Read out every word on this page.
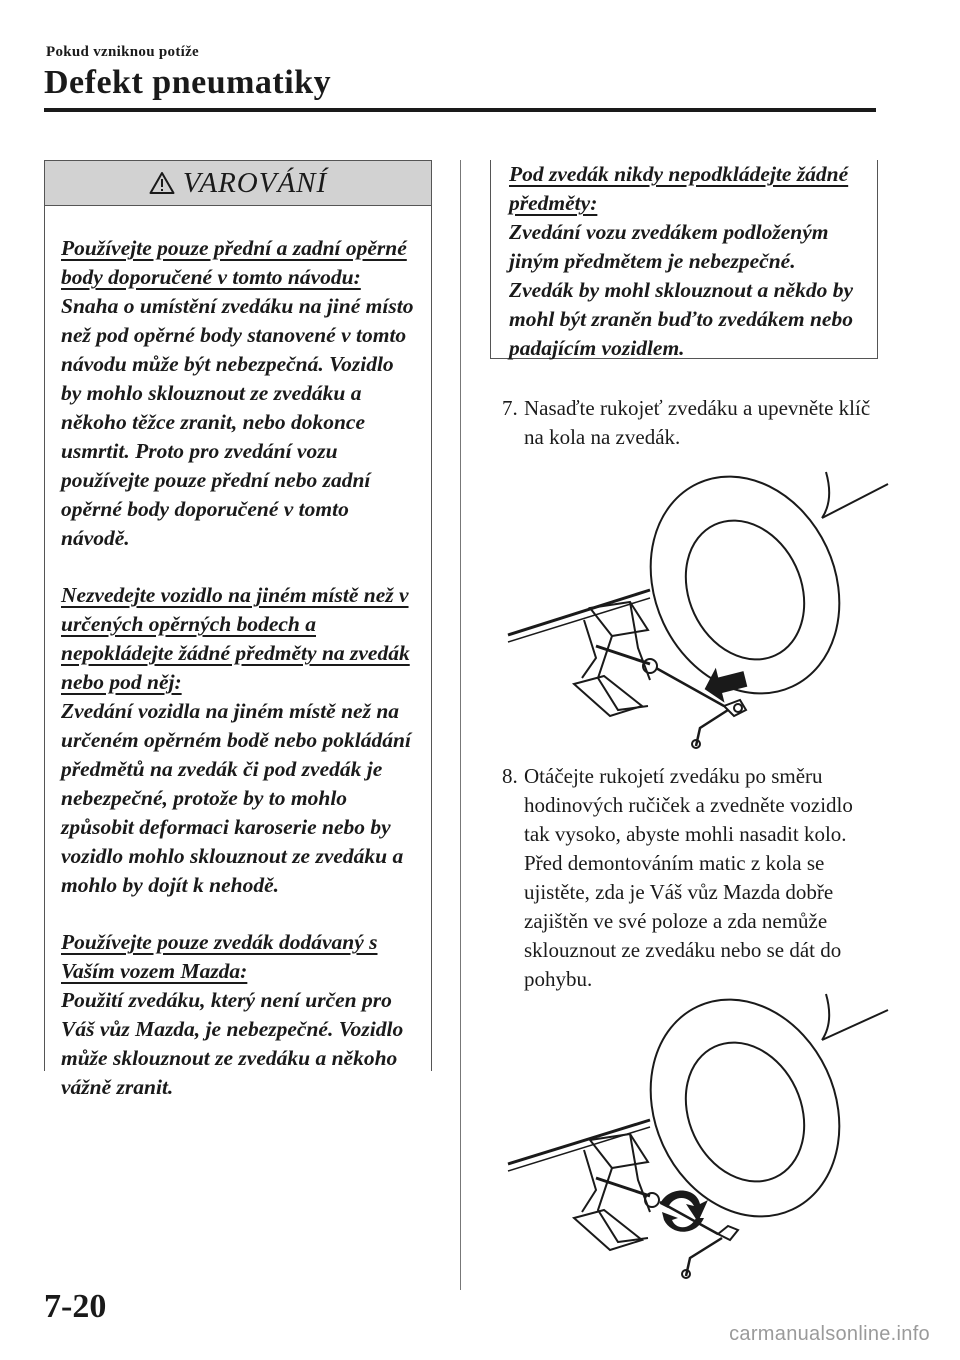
Pokud vzniknou potíže
Defekt pneumatiky
VAROVÁNÍ

Používejte pouze přední a zadní opěrné body doporučené v tomto návodu:
Snaha o umístění zvedáku na jiné místo než pod opěrné body stanovené v tomto návodu může být nebezpečná. Vozidlo by mohlo sklouznout ze zvedáku a někoho těžce zranit, nebo dokonce usmrtit. Proto pro zvedání vozu používejte pouze přední nebo zadní opěrné body doporučené v tomto návodě.

Nezvedejte vozidlo na jiném místě než v určených opěrných bodech a nepokládejte žádné předměty na zvedák nebo pod něj:
Zvedání vozidla na jiném místě než na určeném opěrném bodě nebo pokládání předmětů na zvedák či pod zvedák je nebezpečné, protože by to mohlo způsobit deformaci karoserie nebo by vozidlo mohlo sklouznout ze zvedáku a mohlo by dojít k nehodě.

Používejte pouze zvedák dodávaný s Vaším vozem Mazda:
Použití zvedáku, který není určen pro Váš vůz Mazda, je nebezpečné. Vozidlo může sklouznout ze zvedáku a někoho vážně zranit.

Pod zvedák nikdy nepodkládejte žádné předměty:
Zvedání vozu zvedákem podloženým jiným předmětem je nebezpečné. Zvedák by mohl sklouznout a někdo by mohl být zraněn buďto zvedákem nebo padajícím vozidlem.

7. Nasaďte rukojeť zvedáku a upevněte klíč na kola na zvedák.
8. Otáčejte rukojetí zvedáku po směru hodinových ručiček a zvedněte vozidlo tak vysoko, abyste mohli nasadit kolo. Před demontováním matic z kola se ujistěte, zda je Váš vůz Mazda dobře zajištěn ve své poloze a zda nemůže sklouznout ze zvedáku nebo se dát do pohybu.
7-20
carmanualsonline.info
